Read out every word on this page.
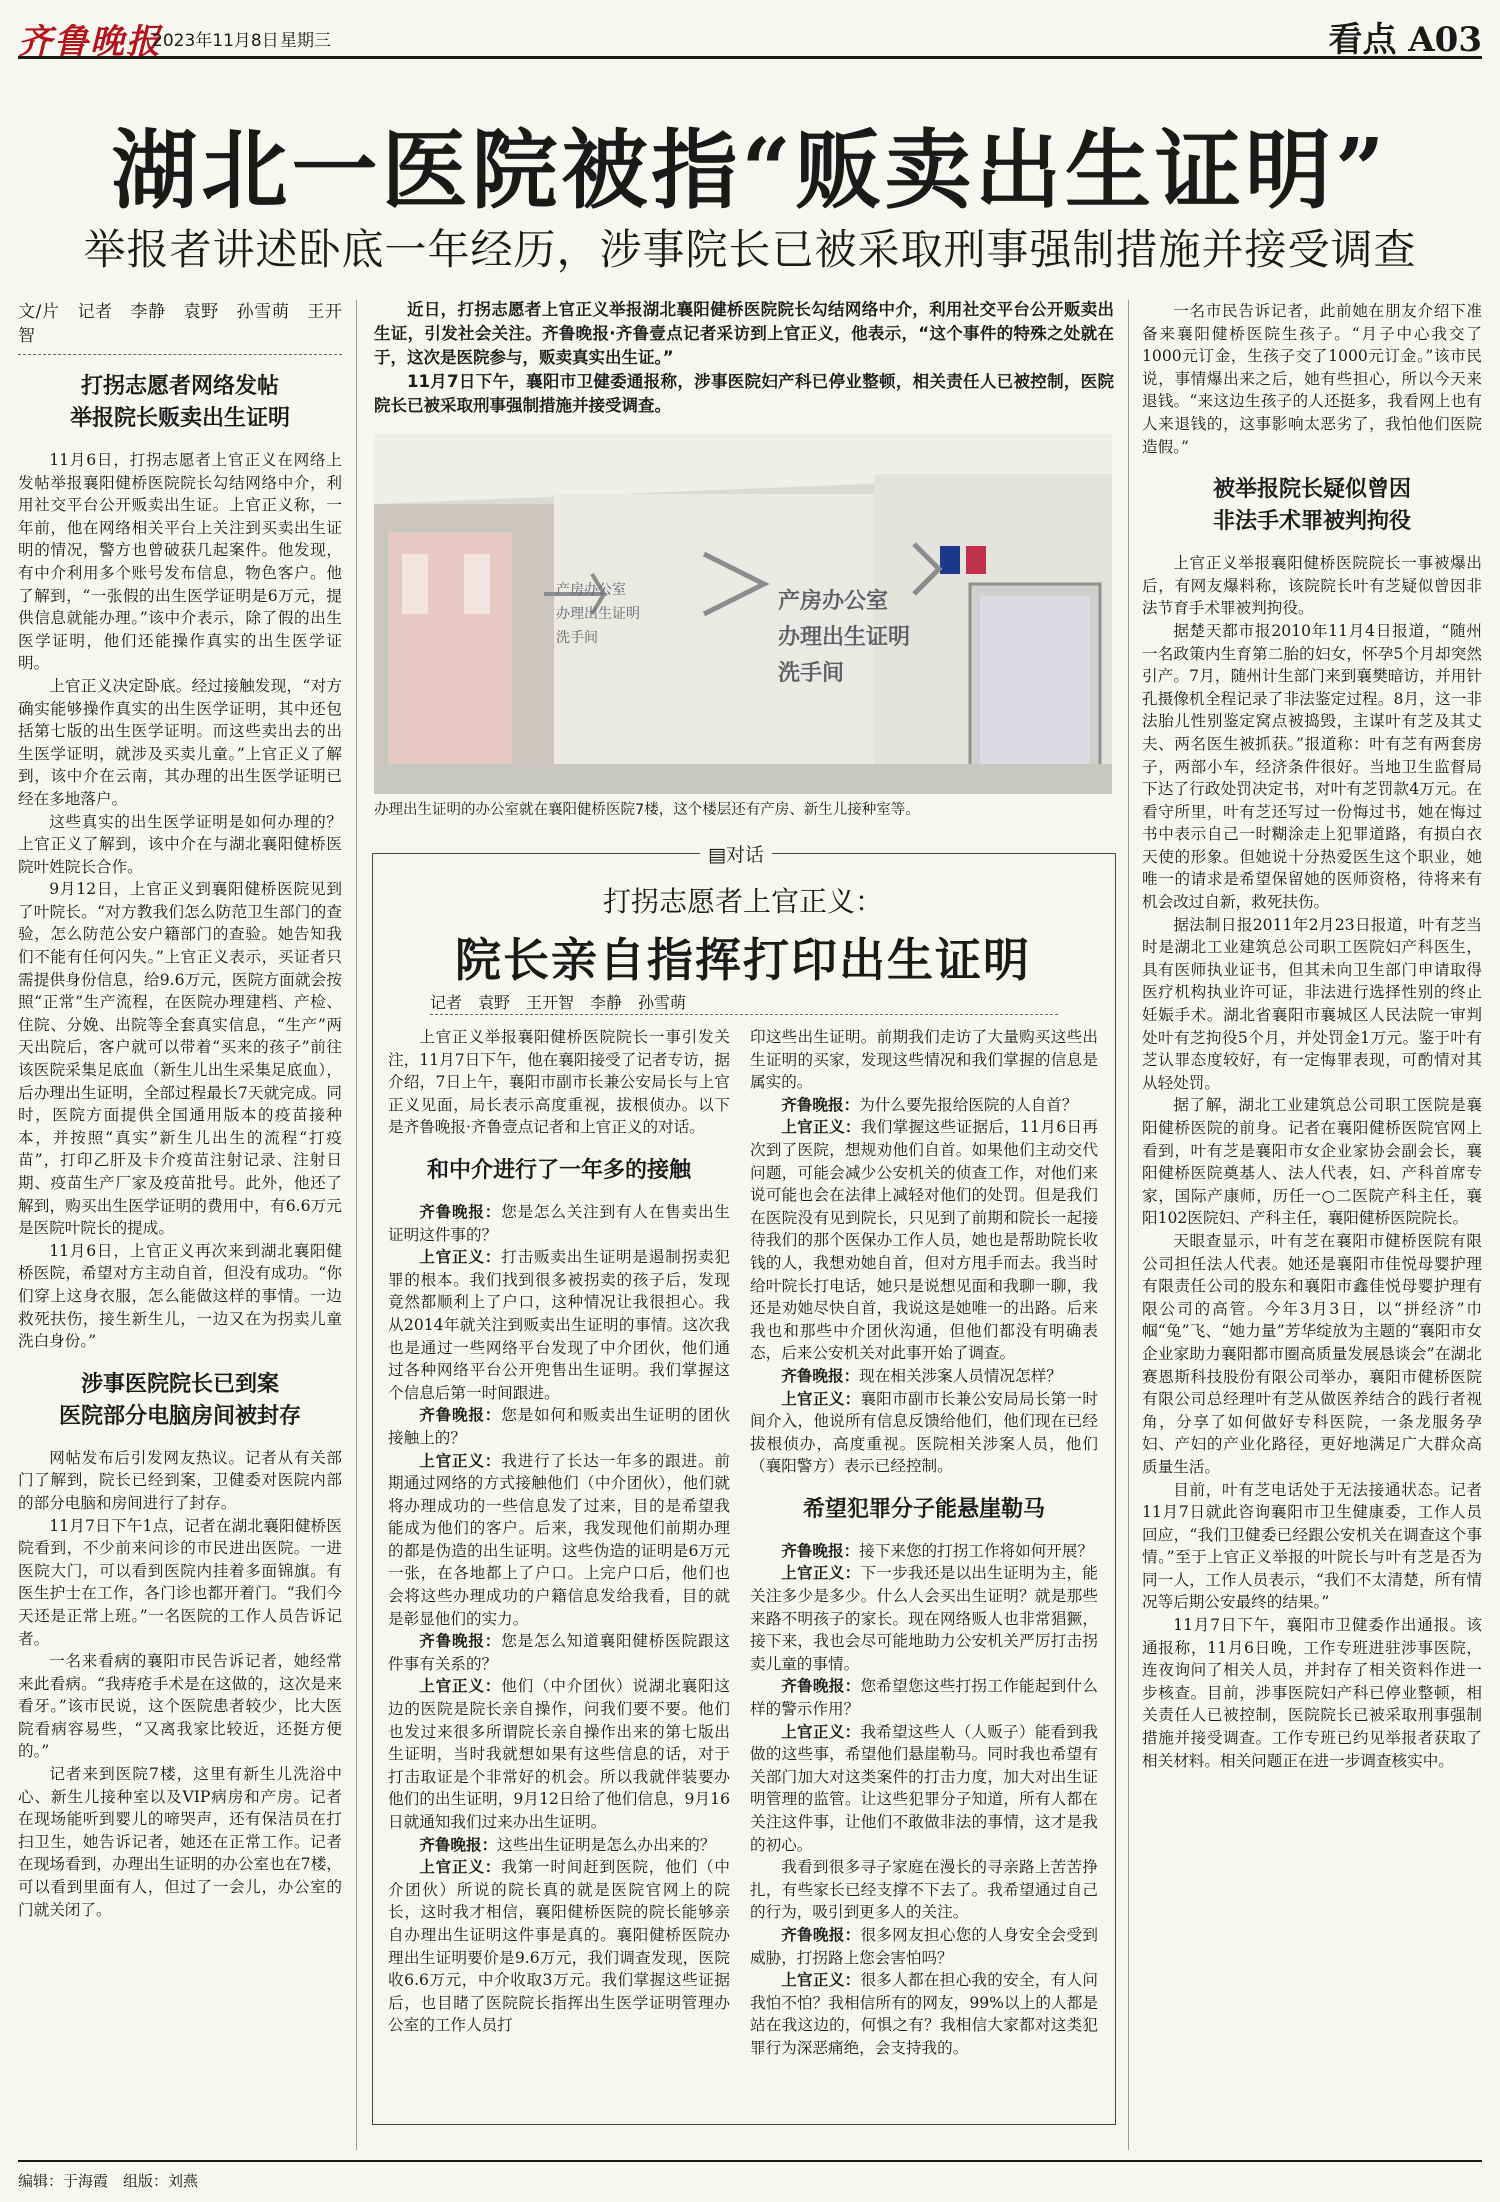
齐鲁晚报
2023年11月8日 星期三	看点 A03
湖北一医院被指“贩卖出生证明”
举报者讲述卧底一年经历，涉事院长已被采取刑事强制措施并接受调查

文/片　记者　李静　袁野　孙雪萌　王开智

打拐志愿者网络发帖
举报院长贩卖出生证明

11月6日，打拐志愿者上官正义在网络上发帖举报襄阳健桥医院院长勾结网络中介，利用社交平台公开贩卖出生证。上官正义称，一年前，他在网络相关平台上关注到买卖出生证明的情况，警方也曾破获几起案件。他发现，有中介利用多个账号发布信息，物色客户。他了解到，“一张假的出生医学证明是6万元，提供信息就能办理。”该中介表示，除了假的出生医学证明，他们还能操作真实的出生医学证明。

上官正义决定卧底。经过接触发现，“对方确实能够操作真实的出生医学证明，其中还包括第七版的出生医学证明。而这些卖出去的出生医学证明，就涉及买卖儿童。”上官正义了解到，该中介在云南，其办理的出生医学证明已经在多地落户。

这些真实的出生医学证明是如何办理的？上官正义了解到，该中介在与湖北襄阳健桥医院叶姓院长合作。

9月12日，上官正义到襄阳健桥医院见到了叶院长。“对方教我们怎么防范卫生部门的查验，怎么防范公安户籍部门的查验。她告知我们不能有任何闪失。”上官正义表示，买证者只需提供身份信息，给9.6万元，医院方面就会按照“正常”生产流程，在医院办理建档、产检、住院、分娩、出院等全套真实信息，“生产”两天出院后，客户就可以带着“买来的孩子”前往该医院采集足底血（新生儿出生采集足底血），后办理出生证明，全部过程最长7天就完成。同时，医院方面提供全国通用版本的疫苗接种本，并按照“真实”新生儿出生的流程“打疫苗”，打印乙肝及卡介疫苗注射记录、注射日期、疫苗生产厂家及疫苗批号。此外，他还了解到，购买出生医学证明的费用中，有6.6万元是医院叶院长的提成。

11月6日，上官正义再次来到湖北襄阳健桥医院，希望对方主动自首，但没有成功。“你们穿上这身衣服，怎么能做这样的事情。一边救死扶伤，接生新生儿，一边又在为拐卖儿童洗白身份。”

涉事医院院长已到案
医院部分电脑房间被封存

网帖发布后引发网友热议。记者从有关部门了解到，院长已经到案，卫健委对医院内部的部分电脑和房间进行了封存。

11月7日下午1点，记者在湖北襄阳健桥医院看到，不少前来问诊的市民进出医院。一进医院大门，可以看到医院内挂着多面锦旗。有医生护士在工作，各门诊也都开着门。“我们今天还是正常上班。”一名医院的工作人员告诉记者。

一名来看病的襄阳市民告诉记者，她经常来此看病。“我痔疮手术是在这做的，这次是来看牙。”该市民说，这个医院患者较少，比大医院看病容易些，“又离我家比较近，还挺方便的。”

记者来到医院7楼，这里有新生儿洗浴中心、新生儿接种室以及VIP病房和产房。记者在现场能听到婴儿的啼哭声，还有保洁员在打扫卫生，她告诉记者，她还在正常工作。记者在现场看到，办理出生证明的办公室也在7楼，可以看到里面有人，但过了一会儿，办公室的门就关闭了。

近日，打拐志愿者上官正义举报湖北襄阳健桥医院院长勾结网络中介，利用社交平台公开贩卖出生证，引发社会关注。齐鲁晚报·齐鲁壹点记者采访到上官正义，他表示，“这个事件的特殊之处就在于，这次是医院参与，贩卖真实出生证。”

11月7日下午，襄阳市卫健委通报称，涉事医院妇产科已停业整顿，相关责任人已被控制，医院院长已被采取刑事强制措施并接受调查。

产房办公室
办理出生证明
洗手间
产房办公室
办理出生证明
洗手间
办理出生证明的办公室就在襄阳健桥医院7楼，这个楼层还有产房、新生儿接种室等。
▤对话
打拐志愿者上官正义：
院长亲自指挥打印出生证明
记者　袁野　王开智　李静　孙雪萌

上官正义举报襄阳健桥医院院长一事引发关注，11月7日下午，他在襄阳接受了记者专访，据介绍，7日上午，襄阳市副市长兼公安局长与上官正义见面，局长表示高度重视，拔根侦办。以下是齐鲁晚报·齐鲁壹点记者和上官正义的对话。

和中介进行了一年多的接触

齐鲁晚报：您是怎么关注到有人在售卖出生证明这件事的？

上官正义：打击贩卖出生证明是遏制拐卖犯罪的根本。我们找到很多被拐卖的孩子后，发现竟然都顺利上了户口，这种情况让我很担心。我从2014年就关注到贩卖出生证明的事情。这次我也是通过一些网络平台发现了中介团伙，他们通过各种网络平台公开兜售出生证明。我们掌握这个信息后第一时间跟进。

齐鲁晚报：您是如何和贩卖出生证明的团伙接触上的？

上官正义：我进行了长达一年多的跟进。前期通过网络的方式接触他们（中介团伙），他们就将办理成功的一些信息发了过来，目的是希望我能成为他们的客户。后来，我发现他们前期办理的都是伪造的出生证明。这些伪造的证明是6万元一张，在各地都上了户口。上完户口后，他们也会将这些办理成功的户籍信息发给我看，目的就是彰显他们的实力。

齐鲁晚报：您是怎么知道襄阳健桥医院跟这件事有关系的？

上官正义：他们（中介团伙）说湖北襄阳这边的医院是院长亲自操作，问我们要不要。他们也发过来很多所谓院长亲自操作出来的第七版出生证明，当时我就想如果有这些信息的话，对于打击取证是个非常好的机会。所以我就伴装要办他们的出生证明，9月12日给了他们信息，9月16日就通知我们过来办出生证明。

齐鲁晚报：这些出生证明是怎么办出来的？

上官正义：我第一时间赶到医院，他们（中介团伙）所说的院长真的就是医院官网上的院长，这时我才相信，襄阳健桥医院的院长能够亲自办理出生证明这件事是真的。襄阳健桥医院办理出生证明要价是9.6万元，我们调查发现，医院收6.6万元，中介收取3万元。我们掌握这些证据后，也目睹了医院院长指挥出生医学证明管理办公室的工作人员打

印这些出生证明。前期我们走访了大量购买这些出生证明的买家，发现这些情况和我们掌握的信息是属实的。

齐鲁晚报：为什么要先报给医院的人自首？

上官正义：我们掌握这些证据后，11月6日再次到了医院，想规劝他们自首。如果他们主动交代问题，可能会减少公安机关的侦查工作，对他们来说可能也会在法律上减轻对他们的处罚。但是我们在医院没有见到院长，只见到了前期和院长一起接待我们的那个医保办工作人员，她也是帮助院长收钱的人，我想劝她自首，但对方甩手而去。我当时给叶院长打电话，她只是说想见面和我聊一聊，我还是劝她尽快自首，我说这是她唯一的出路。后来我也和那些中介团伙沟通，但他们都没有明确表态，后来公安机关对此事开始了调查。

齐鲁晚报：现在相关涉案人员情况怎样？

上官正义：襄阳市副市长兼公安局局长第一时间介入，他说所有信息反馈给他们，他们现在已经拔根侦办，高度重视。医院相关涉案人员，他们（襄阳警方）表示已经控制。

希望犯罪分子能悬崖勒马

齐鲁晚报：接下来您的打拐工作将如何开展？

上官正义：下一步我还是以出生证明为主，能关注多少是多少。什么人会买出生证明？就是那些来路不明孩子的家长。现在网络贩人也非常猖獗，接下来，我也会尽可能地助力公安机关严厉打击拐卖儿童的事情。

齐鲁晚报：您希望您这些打拐工作能起到什么样的警示作用？

上官正义：我希望这些人（人贩子）能看到我做的这些事，希望他们悬崖勒马。同时我也希望有关部门加大对这类案件的打击力度，加大对出生证明管理的监管。让这些犯罪分子知道，所有人都在关注这件事，让他们不敢做非法的事情，这才是我的初心。

我看到很多寻子家庭在漫长的寻亲路上苦苦挣扎，有些家长已经支撑不下去了。我希望通过自己的行为，吸引到更多人的关注。

齐鲁晚报：很多网友担心您的人身安全会受到威胁，打拐路上您会害怕吗？

上官正义：很多人都在担心我的安全，有人问我怕不怕？我相信所有的网友，99%以上的人都是站在我这边的，何惧之有？我相信大家都对这类犯罪行为深恶痛绝，会支持我的。

一名市民告诉记者，此前她在朋友介绍下准备来襄阳健桥医院生孩子。“月子中心我交了1000元订金，生孩子交了1000元订金。”该市民说，事情爆出来之后，她有些担心，所以今天来退钱。“来这边生孩子的人还挺多，我看网上也有人来退钱的，这事影响太恶劣了，我怕他们医院造假。”

被举报院长疑似曾因
非法手术罪被判拘役

上官正义举报襄阳健桥医院院长一事被爆出后，有网友爆料称，该院院长叶有芝疑似曾因非法节育手术罪被判拘役。

据楚天都市报2010年11月4日报道，“随州一名政策内生育第二胎的妇女，怀孕5个月却突然引产。7月，随州计生部门来到襄樊暗访，并用针孔摄像机全程记录了非法鉴定过程。8月，这一非法胎儿性别鉴定窝点被捣毁，主谋叶有芝及其丈夫、两名医生被抓获。”报道称：叶有芝有两套房子，两部小车，经济条件很好。当地卫生监督局下达了行政处罚决定书，对叶有芝罚款4万元。在看守所里，叶有芝还写过一份悔过书，她在悔过书中表示自己一时糊涂走上犯罪道路，有损白衣天使的形象。但她说十分热爱医生这个职业，她唯一的请求是希望保留她的医师资格，待将来有机会改过自新，救死扶伤。

据法制日报2011年2月23日报道，叶有芝当时是湖北工业建筑总公司职工医院妇产科医生，具有医师执业证书，但其未向卫生部门申请取得医疗机构执业许可证，非法进行选择性别的终止妊娠手术。湖北省襄阳市襄城区人民法院一审判处叶有芝拘役5个月，并处罚金1万元。鉴于叶有芝认罪态度较好，有一定悔罪表现，可酌情对其从轻处罚。

据了解，湖北工业建筑总公司职工医院是襄阳健桥医院的前身。记者在襄阳健桥医院官网上看到，叶有芝是襄阳市女企业家协会副会长，襄阳健桥医院奠基人、法人代表，妇、产科首席专家，国际产康师，历任一○二医院产科主任，襄阳102医院妇、产科主任，襄阳健桥医院院长。

天眼查显示，叶有芝在襄阳市健桥医院有限公司担任法人代表。她还是襄阳市佳悦母婴护理有限责任公司的股东和襄阳市鑫佳悦母婴护理有限公司的高管。今年3月3日，以“拼经济”巾帼“兔”飞、“她力量”芳华绽放为主题的“襄阳市女企业家助力襄阳都市圈高质量发展恳谈会”在湖北赛恩斯科技股份有限公司举办，襄阳市健桥医院有限公司总经理叶有芝从做医养结合的践行者视角，分享了如何做好专科医院，一条龙服务孕妇、产妇的产业化路径，更好地满足广大群众高质量生活。

目前，叶有芝电话处于无法接通状态。记者11月7日就此咨询襄阳市卫生健康委，工作人员回应，“我们卫健委已经跟公安机关在调查这个事情。”至于上官正义举报的叶院长与叶有芝是否为同一人，工作人员表示，“我们不太清楚，所有情况等后期公安最终的结果。”

11月7日下午，襄阳市卫健委作出通报。该通报称，11月6日晚，工作专班进驻涉事医院，连夜询问了相关人员，并封存了相关资料作进一步核查。目前，涉事医院妇产科已停业整顿，相关责任人已被控制，医院院长已被采取刑事强制措施并接受调查。工作专班已约见举报者获取了相关材料。相关问题正在进一步调查核实中。

编辑：于海霞　组版：刘燕
